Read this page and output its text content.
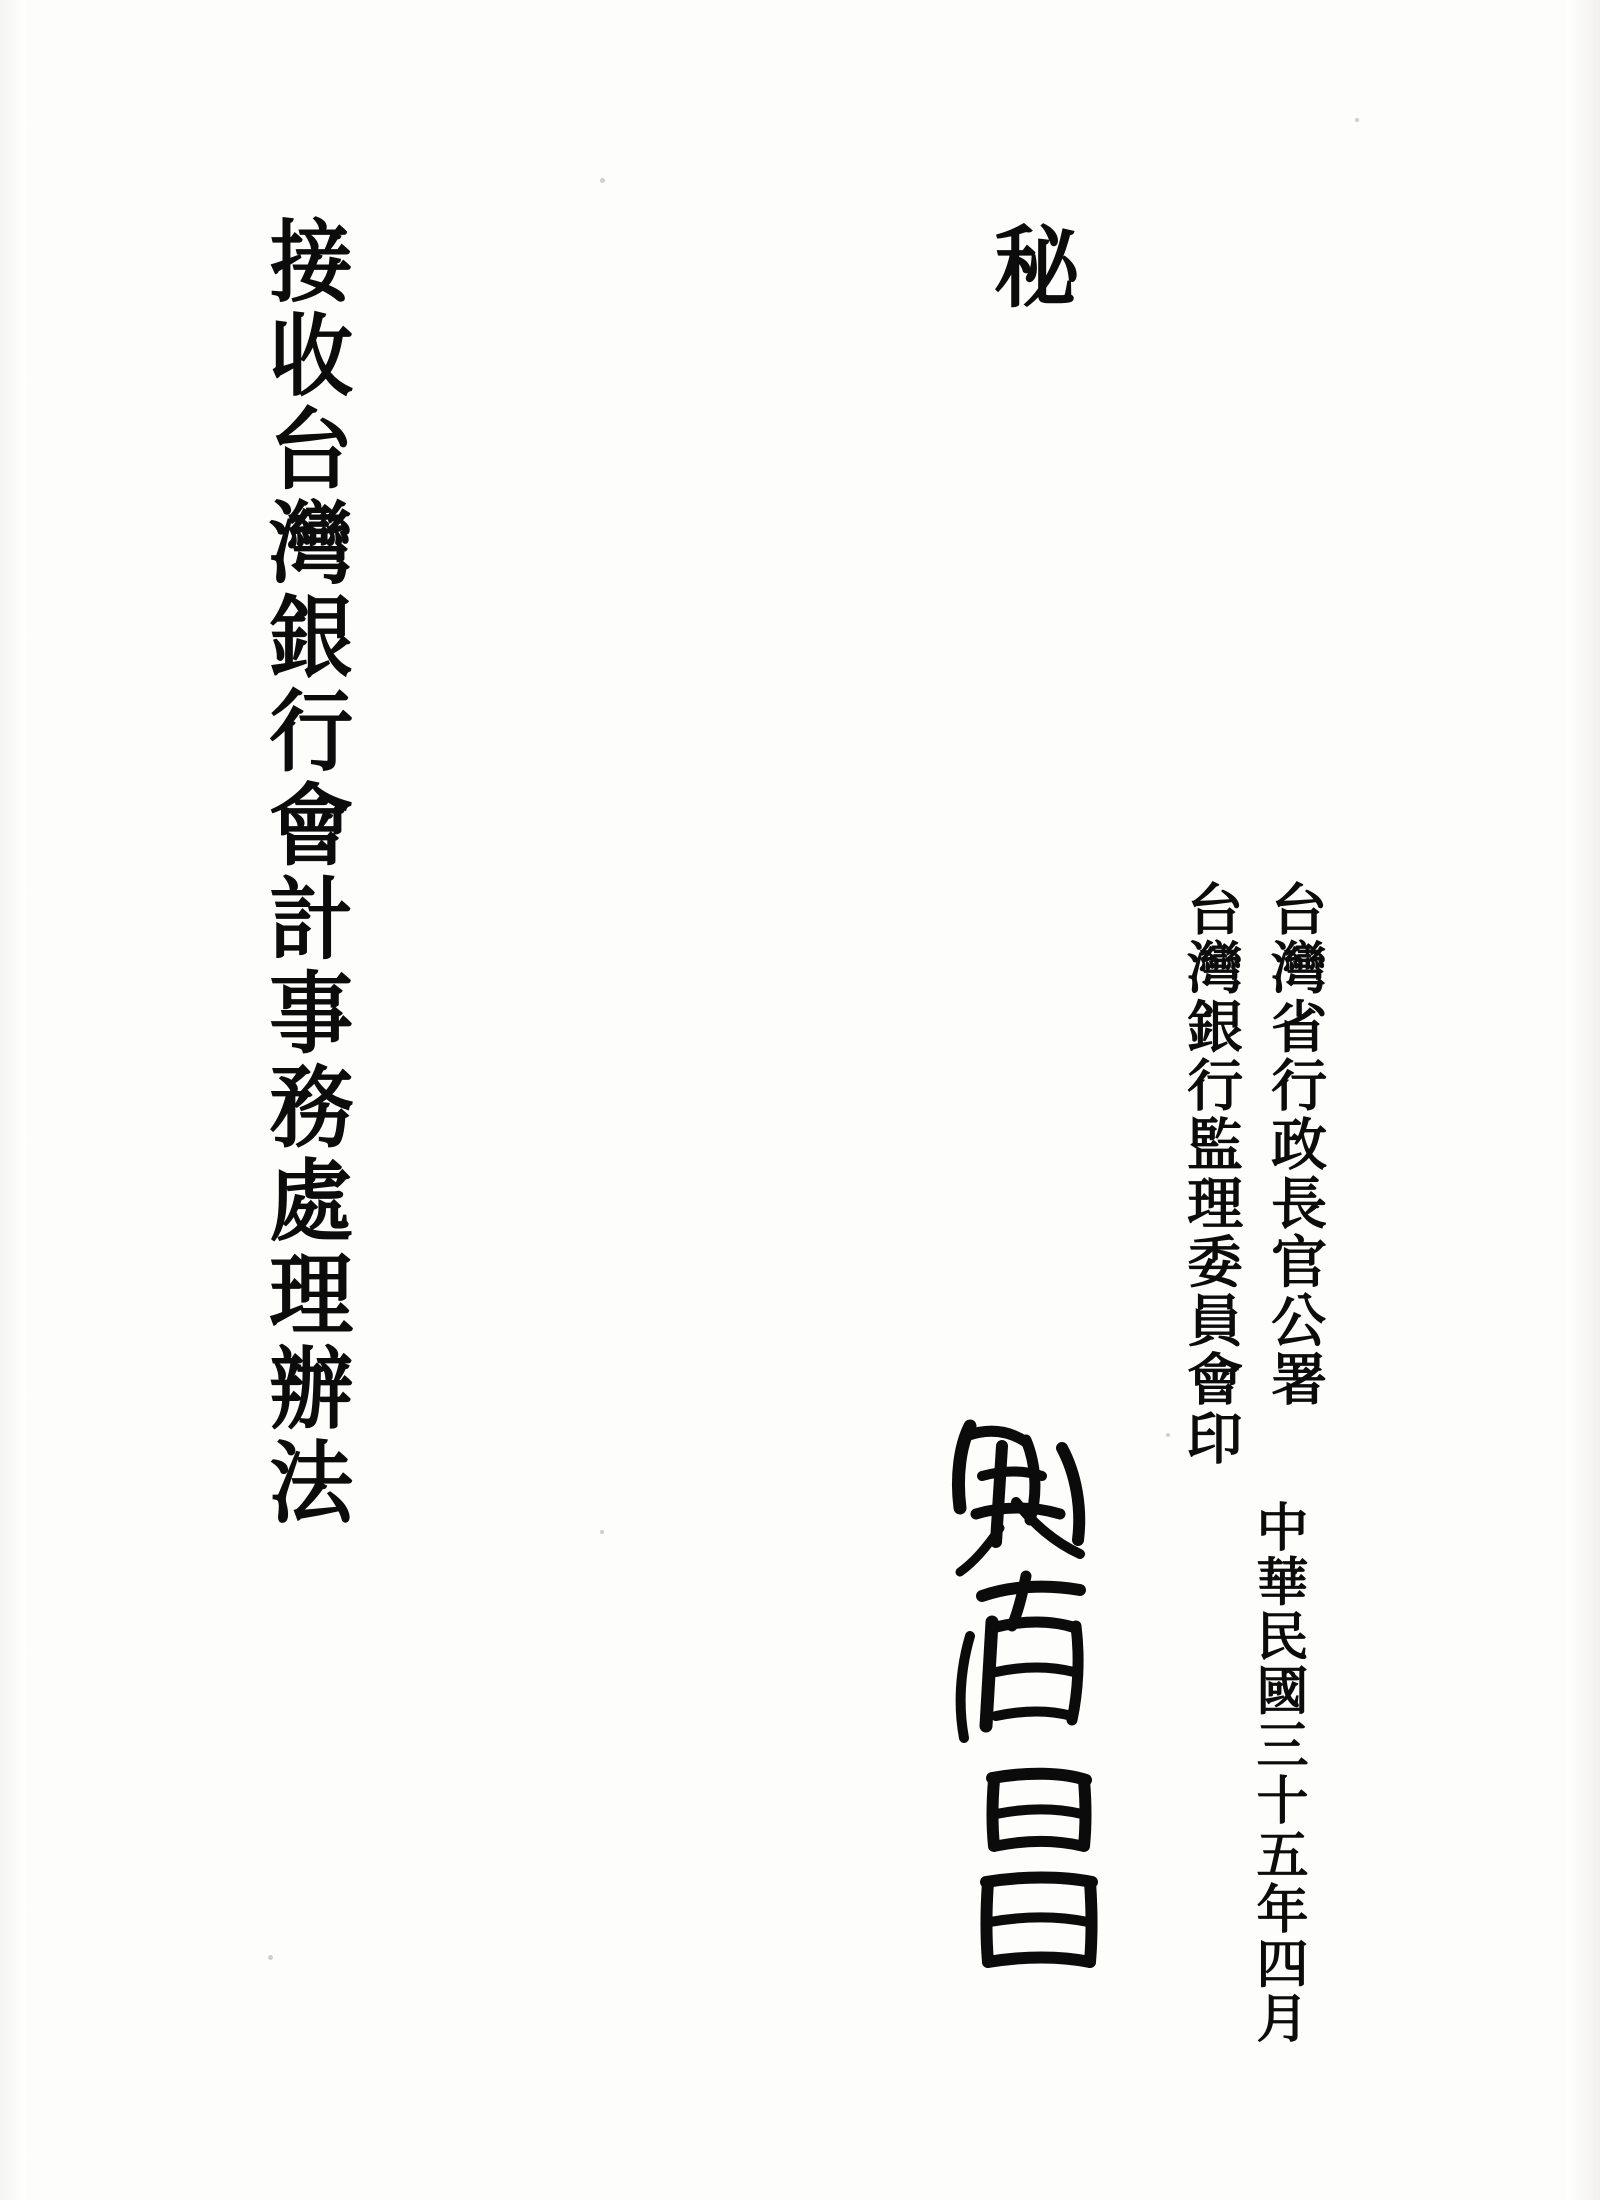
接收台灣銀行會計事務處理辦法	秘
台灣省行政長官公署
台灣銀行監理委員會印
中華民國三十五年四月
